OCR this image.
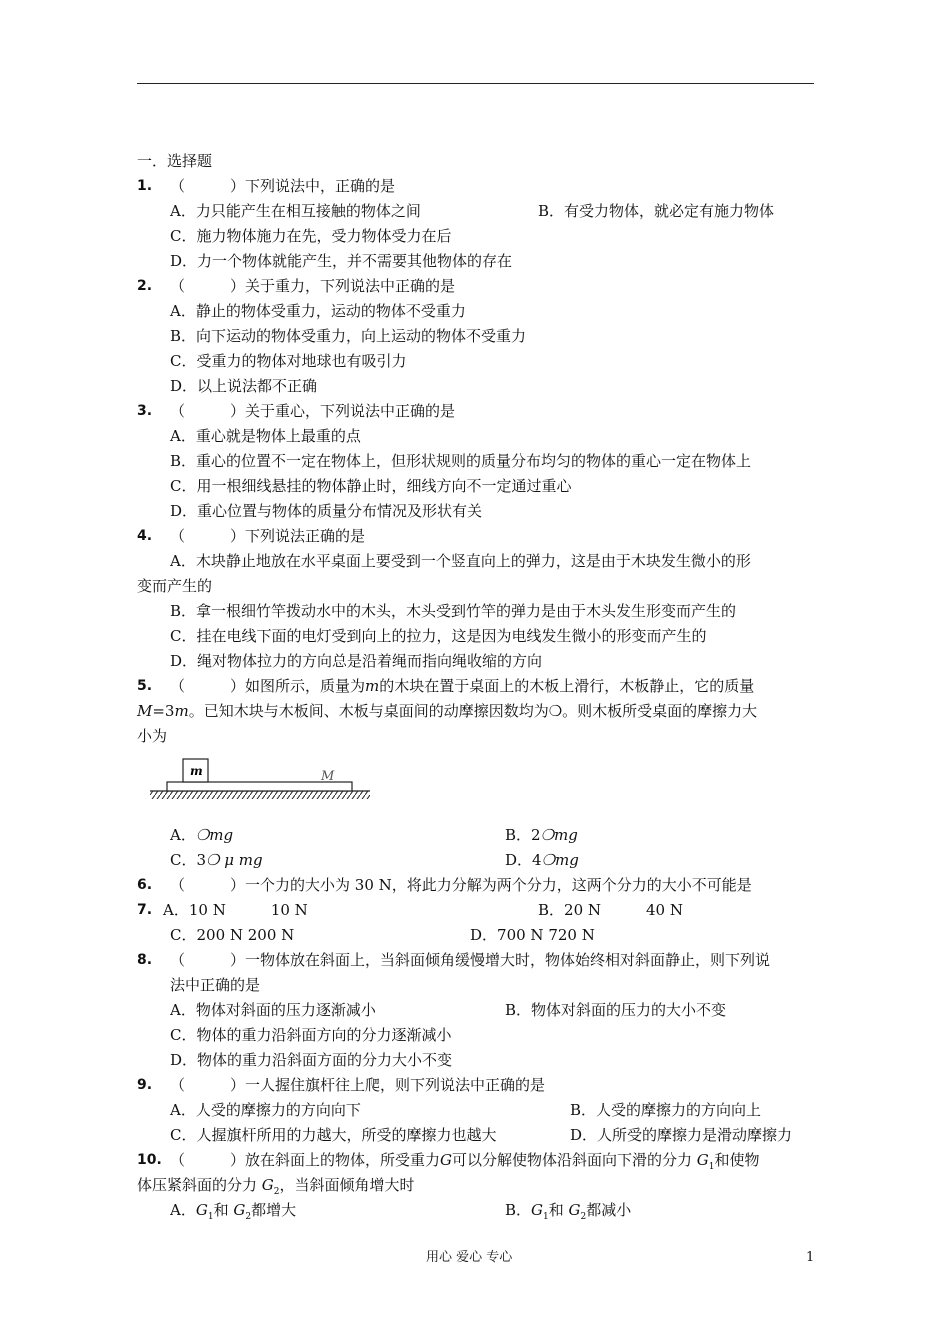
一．选择题
1. （　　　）下列说法中，正确的是
A．力只能产生在相互接触的物体之间	B．有受力物体，就必定有施力物体
C．施力物体施力在先，受力物体受力在后
D．力一个物体就能产生，并不需要其他物体的存在
2. （　　　）关于重力，下列说法中正确的是
A．静止的物体受重力，运动的物体不受重力
B．向下运动的物体受重力，向上运动的物体不受重力
C．受重力的物体对地球也有吸引力
D．以上说法都不正确
3. （　　　）关于重心，下列说法中正确的是
A．重心就是物体上最重的点
B．重心的位置不一定在物体上，但形状规则的质量分布均匀的物体的重心一定在物体上
C．用一根细线悬挂的物体静止时，细线方向不一定通过重心
D．重心位置与物体的质量分布情况及形状有关
4. （　　　）下列说法正确的是
A．木块静止地放在水平桌面上要受到一个竖直向上的弹力，这是由于木块发生微小的形
变而产生的
B．拿一根细竹竿拨动水中的木头，木头受到竹竿的弹力是由于木头发生形变而产生的
C．挂在电线下面的电灯受到向上的拉力，这是因为电线发生微小的形变而产生的
D．绳对物体拉力的方向总是沿着绳而指向绳收缩的方向
5. （　　　）如图所示，质量为m的木块在置于桌面上的木板上滑行，木板静止，它的质量
M=3m。已知木块与木板间、木板与桌面间的动摩擦因数均为❍。则木板所受桌面的摩擦力大
小为
m	M
A．❍mg	B．2❍mg
C．3❍ μ mg	D．4❍mg
6. （　　　）一个力的大小为 30 N，将此力分解为两个分力，这两个分力的大小不可能是
7. A．10 N　　　10 N	B．20 N　　　40 N
C．200 N 200 N	D．700 N 720 N
8. （　　　）一物体放在斜面上，当斜面倾角缓慢增大时，物体始终相对斜面静止，则下列说
法中正确的是
A．物体对斜面的压力逐渐减小	B．物体对斜面的压力的大小不变
C．物体的重力沿斜面方向的分力逐渐减小
D．物体的重力沿斜面方面的分力大小不变
9. （　　　）一人握住旗杆往上爬，则下列说法中正确的是
A．人受的摩擦力的方向向下	B．人受的摩擦力的方向向上
C．人握旗杆所用的力越大，所受的摩擦力也越大	D．人所受的摩擦力是滑动摩擦力
10. （　　　）放在斜面上的物体，所受重力G可以分解使物体沿斜面向下滑的分力 $G_1$和使物
体压紧斜面的分力 $G_2$，当斜面倾角增大时
A．$G_1$和 $G_2$都增大	B．$G_1$和 $G_2$都减小
用心 爱心 专心	1
